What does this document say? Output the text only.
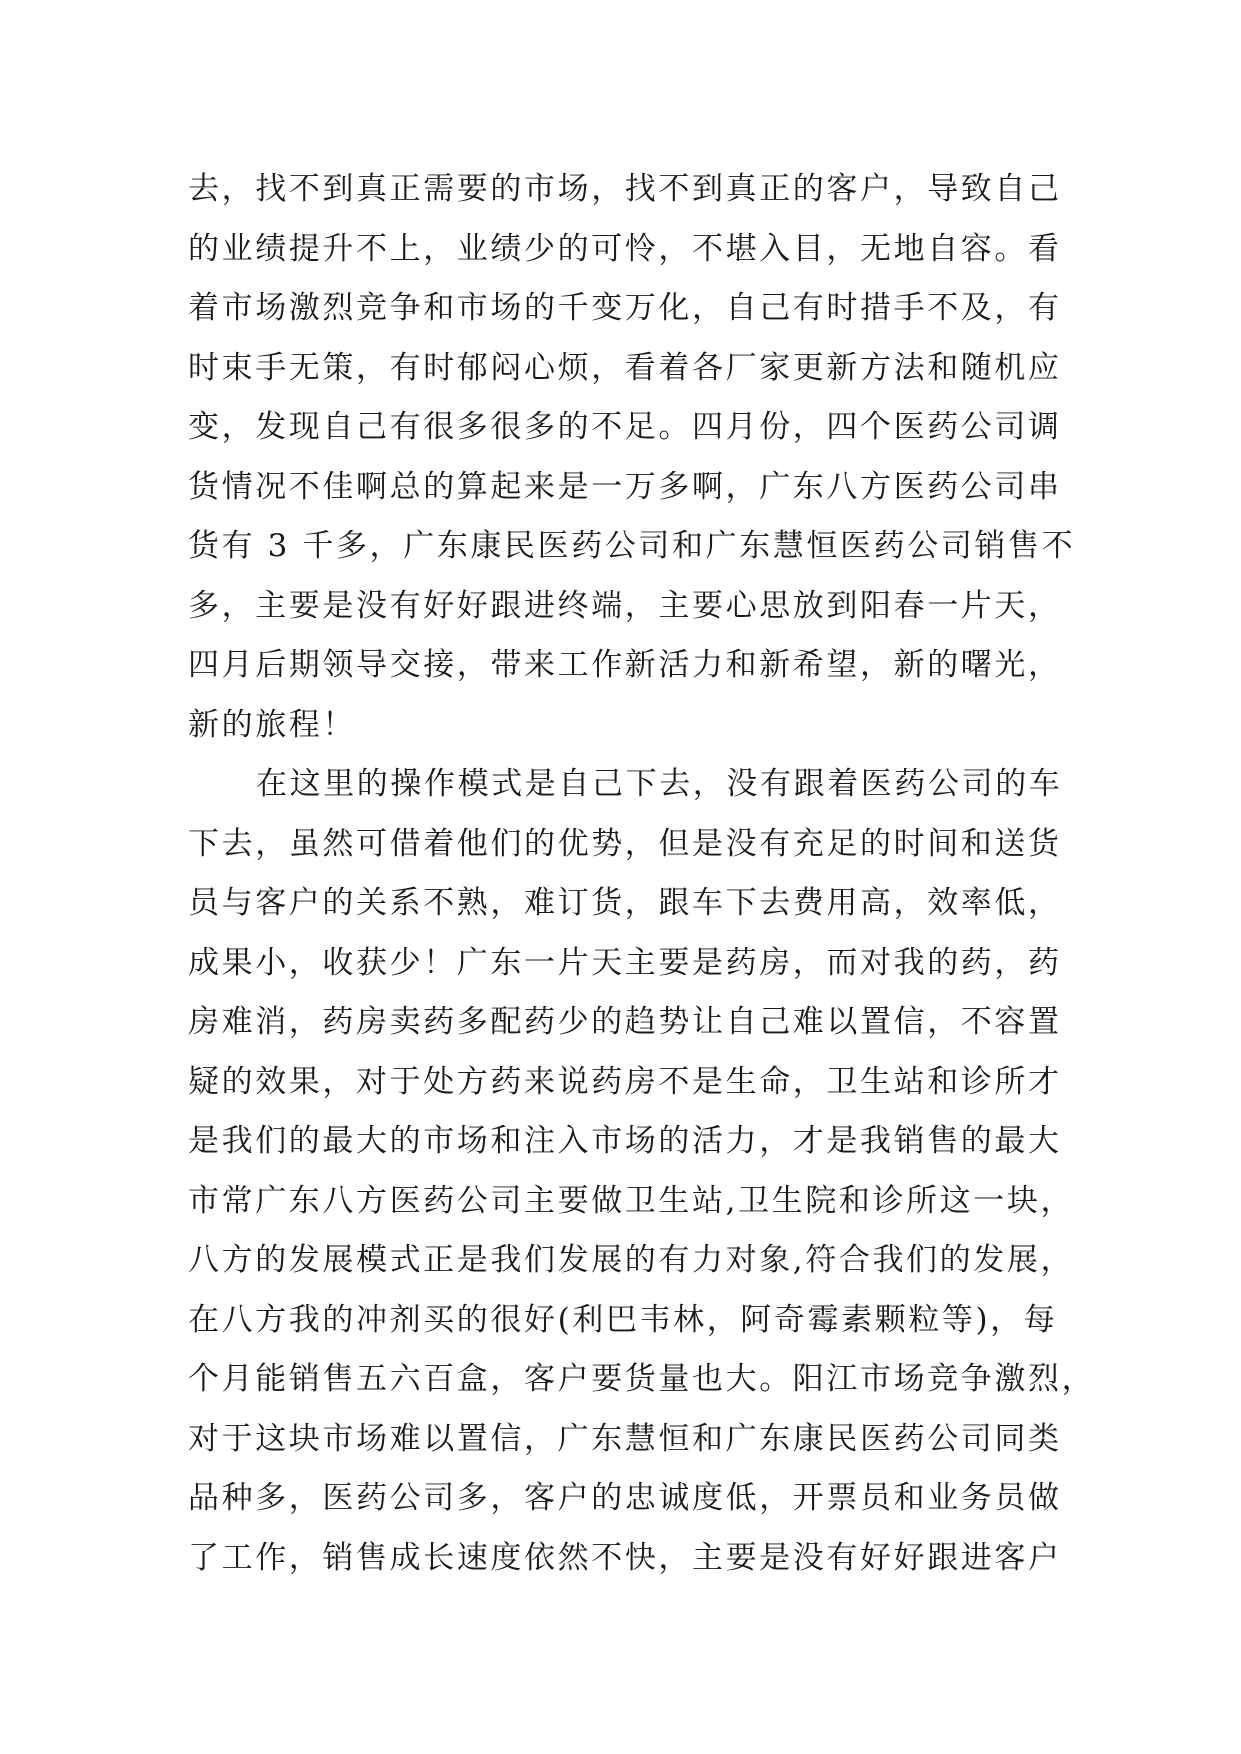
去，找不到真正需要的市场，找不到真正的客户，导致自己
的业绩提升不上，业绩少的可怜，不堪入目，无地自容。看
着市场激烈竞争和市场的千变万化，自己有时措手不及，有
时束手无策，有时郁闷心烦，看着各厂家更新方法和随机应
变，发现自己有很多很多的不足。四月份，四个医药公司调
货情况不佳啊总的算起来是一万多啊，广东八方医药公司串
货有 3 千多，广东康民医药公司和广东慧恒医药公司销售不
多，主要是没有好好跟进终端，主要心思放到阳春一片天，
四月后期领导交接，带来工作新活力和新希望，新的曙光，
新的旅程！
在这里的操作模式是自己下去，没有跟着医药公司的车
下去，虽然可借着他们的优势，但是没有充足的时间和送货
员与客户的关系不熟，难订货，跟车下去费用高，效率低，
成果小，收获少！广东一片天主要是药房，而对我的药，药
房难消，药房卖药多配药少的趋势让自己难以置信，不容置
疑的效果，对于处方药来说药房不是生命，卫生站和诊所才
是我们的最大的市场和注入市场的活力，才是我销售的最大
市常广东八方医药公司主要做卫生站,卫生院和诊所这一块，
八方的发展模式正是我们发展的有力对象,符合我们的发展，
在八方我的冲剂买的很好(利巴韦林，阿奇霉素颗粒等)，每
个月能销售五六百盒，客户要货量也大。阳江市场竞争激烈，
对于这块市场难以置信，广东慧恒和广东康民医药公司同类
品种多，医药公司多，客户的忠诚度低，开票员和业务员做
了工作，销售成长速度依然不快，主要是没有好好跟进客户
